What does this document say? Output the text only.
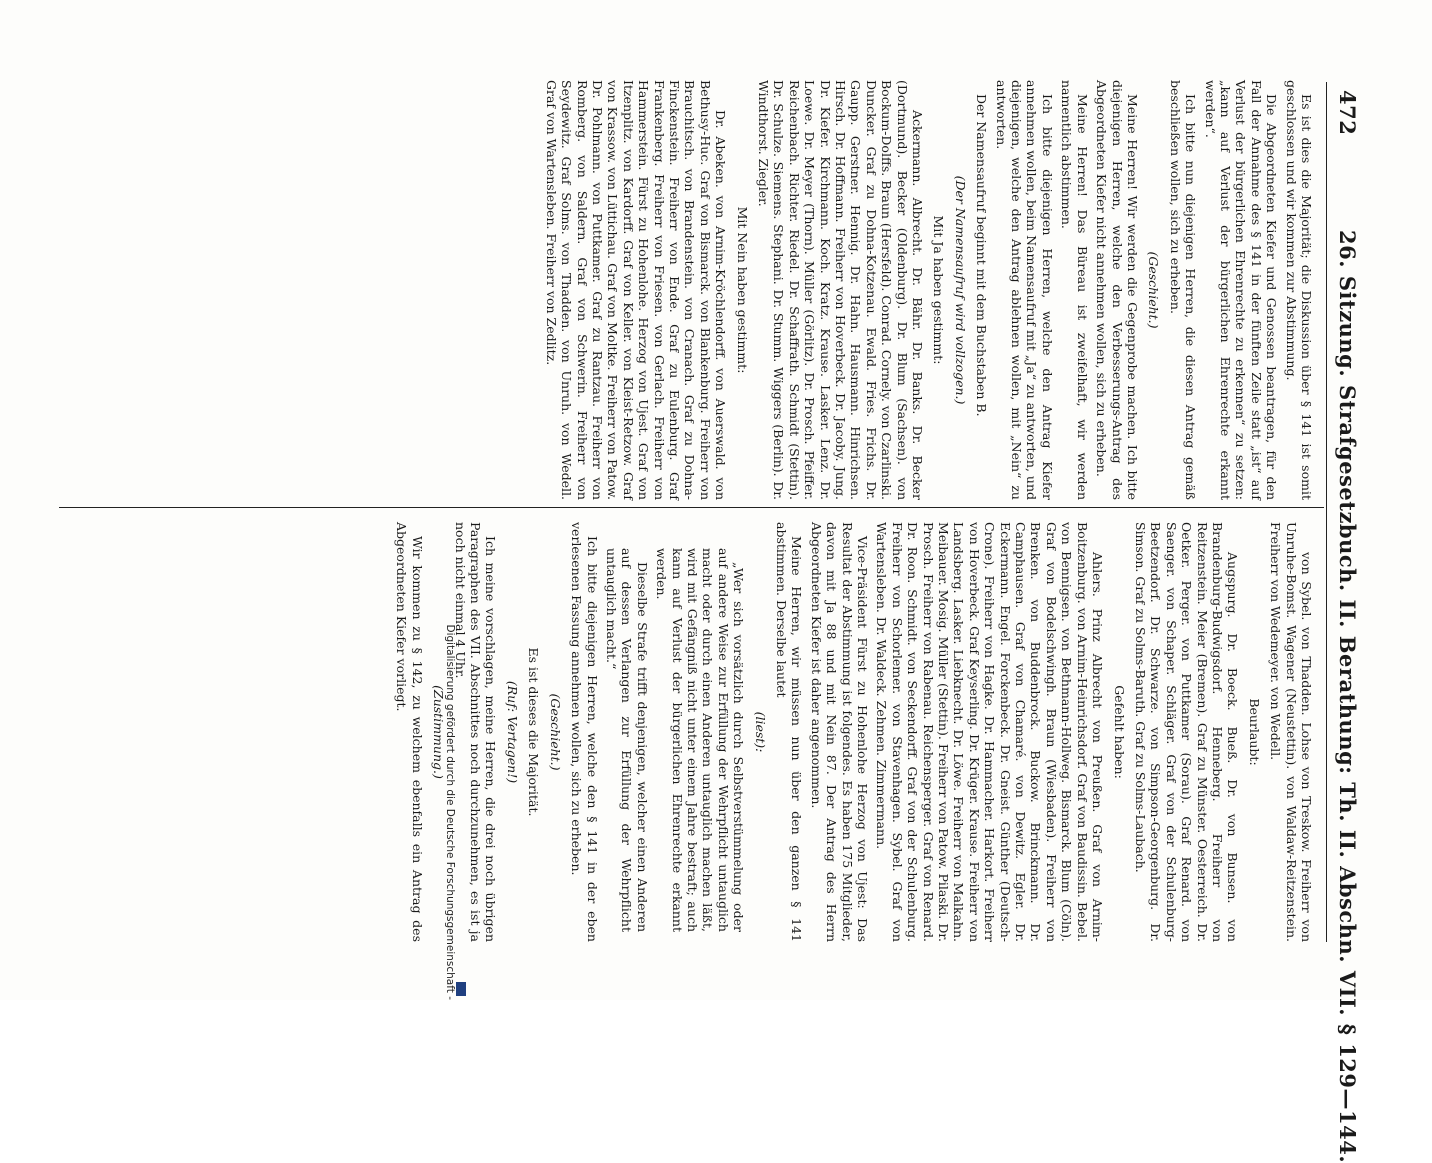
472
26. Sitzung. Strafgesetzbuch. II. Berathung: Th. II. Abschn. VII. § 129—144.

Es ist dies die Majorität; die Diskussion über § 141 ist somit geschlossen und wir kommen zur Abstimmung.

Die Abgeordneten Kiefer und Genossen beantragen, für den Fall der Annahme des § 141 in der fünften Zeile statt „ist“ auf Verlust der bürgerlichen Ehrenrechte zu erkennen“ zu setzen: „kann auf Verlust der bürgerlichen Ehrenrechte erkannt werden“.

Ich bitte nun diejenigen Herren, die diesen Antrag gemäß beschließen wollen, sich zu erheben.

(Geschieht.)

Meine Herren! Wir werden die Gegenprobe machen. Ich bitte diejenigen Herren, welche den Verbesserungs-Antrag des Abgeordneten Kiefer nicht annehmen wollen, sich zu erheben.

Meine Herren! Das Büreau ist zweifelhaft, wir werden namentlich abstimmen.

Ich bitte diejenigen Herren, welche den Antrag Kiefer annehmen wollen, beim Namensaufruf mit „Ja“ zu antworten, und diejenigen, welche den Antrag ablehnen wollen, mit „Nein“ zu antworten.

Der Namensaufruf beginnt mit dem Buchstaben B.

(Der Namensaufruf wird vollzogen.)

Mit Ja haben gestimmt:

Ackermann. Albrecht. Dr. Bähr. Dr. Banks. Dr. Becker (Dortmund). Becker (Oldenburg). Dr. Blum (Sachsen). von Bockum-Dolffs. Braun (Hersfeld). Conrad. Cornely. von Czarlinski. Duncker. Graf zu Dohna-Kotzenau. Ewald. Fries. Frichs. Dr. Gaupp. Gerstner. Hennig. Dr. Hahn. Hausmann. Hinrichsen. Hirsch. Dr. Hoffmann. Freiherr von Hoverbeck. Dr. Jacoby. Jung. Dr. Kiefer. Kirchmann. Koch. Kratz. Krause. Lasker. Lenz. Dr. Loewe. Dr. Meyer (Thorn). Müller (Görlitz). Dr. Prosch. Pfeiffer. Reichenbach. Richter. Riedel. Dr. Schaffrath. Schmidt (Stettin). Dr. Schulze. Siemens. Stephani. Dr. Stumm. Wiggers (Berlin). Dr. Windthorst. Ziegler.

Mit Nein haben gestimmt:

Dr. Abeken. von Arnim-Kröchlendorff. von Auerswald. von Bethusy-Huc. Graf von Bismarck. von Blankenburg. Freiherr von Brauchitsch. von Brandenstein. von Cranach. Graf zu Dohna-Finckenstein. Freiherr von Ende. Graf zu Eulenburg. Graf Frankenberg. Freiherr von Friesen. von Gerlach. Freiherr von Hammerstein. Fürst zu Hohenlohe. Herzog von Ujest. Graf von Itzenplitz. von Kardorff. Graf von Keller. von Kleist-Retzow. Graf von Krassow. von Lüttichau. Graf von Moltke. Freiherr von Patow. Dr. Pohlmann. von Puttkamer. Graf zu Rantzau. Freiherr von Romberg. von Saldern. Graf von Schwerin. Freiherr von Seydewitz. Graf Solms. von Thadden. von Unruh. von Wedell. Graf von Wartensleben. Freiherr von Zedlitz.

von Sybel. von Thadden. Lohse von Treskow. Freiherr von Unruhe-Bomst. Wagener (Neustettin). von Waldaw-Reitzenstein. Freiherr von Wedemeyer. von Wedell.

Beurlaubt:

Augspurg. Dr. Boeck. Bueß. Dr. von Bunsen. von Brandenburg-Budwigsdorf. Henneberg. Freiherr von Reitzenstein. Meier (Bremen). Graf zu Münster. Oesterreich. Dr. Oetker. Perger. von Puttkamer (Sorau). Graf Renard. von Saenger. von Schaper. Schläger. Graf von der Schulenburg-Beetzendorf. Dr. Schwarze. von Simpson-Georgenburg. Dr. Simson. Graf zu Solms-Baruth. Graf zu Solms-Laubach.

Gefehlt haben:

Ahlers. Prinz Albrecht von Preußen. Graf von Arnim-Boitzenburg. von Arnim-Heinrichsdorf. Graf von Baudissin. Bebel. von Bennigsen. von Bethmann-Hollweg. Bismarck. Blum (Cöln). Graf von Bodelschwingh. Braun (Wiesbaden). Freiherr von Brenken. von Buddenbrock. Buckow. Brinckmann. Dr. Camphausen. Graf von Chamaré. von Dewitz. Egler. Dr. Eckermann. Engel. Forckenbeck. Dr. Gneist. Günther (Deutsch-Crone). Freiherr von Hagke. Dr. Hammacher. Harkort. Freiherr von Hoverbeck. Graf Keyserling. Dr. Krüger. Krause. Freiherr von Landsberg. Lasker. Liebknecht. Dr. Löwe. Freiherr von Malkahn. Meibauer. Mosig. Müller (Stettin). Freiherr von Patow. Pilaski. Dr. Prosch. Freiherr von Rabenau. Reichensperger. Graf von Renard. Dr. Roon. Schmidt. von Seckendorff. Graf von der Schulenburg. Freiherr von Schorlemer. von Stavenhagen. Sybel. Graf von Wartensleben. Dr. Waldeck. Zehmen. Zimmermann.

Vice-Präsident Fürst zu Hohenlohe Herzog von Ujest: Das Resultat der Abstimmung ist folgendes. Es haben 175 Mitglieder, davon mit Ja 88 und mit Nein 87. Der Antrag des Herrn Abgeordneten Kiefer ist daher angenommen.

Meine Herren, wir müssen nun über den ganzen § 141 abstimmen. Derselbe lautet

(liest):

„Wer sich vorsätzlich durch Selbstverstümmelung oder auf andere Weise zur Erfüllung der Wehrpflicht untauglich macht oder durch einen Anderen untauglich machen läßt, wird mit Gefängniß nicht unter einem Jahre bestraft; auch kann auf Verlust der bürgerlichen Ehrenrechte erkannt werden.

Dieselbe Strafe trifft denjenigen, welcher einen Anderen auf dessen Verlangen zur Erfüllung der Wehrpflicht untauglich macht.“

Ich bitte diejenigen Herren, welche den § 141 in der eben verlesenen Fassung annehmen wollen, sich zu erheben.

(Geschieht.)

Es ist dieses die Majorität.

(Ruf: Vertagen!)

Ich meine vorschlagen, meine Herren, die drei noch übrigen Paragraphen des VII. Abschnittes noch durchzunehmen, es ist ja noch nicht einmal 4 Uhr.

(Zustimmung.)

Wir kommen zu § 142, zu welchem ebenfalls ein Antrag des Abgeordneten Kiefer vorliegt.

Digitalisierung gefördert durch die Deutsche Forschungsgemeinschaft -
